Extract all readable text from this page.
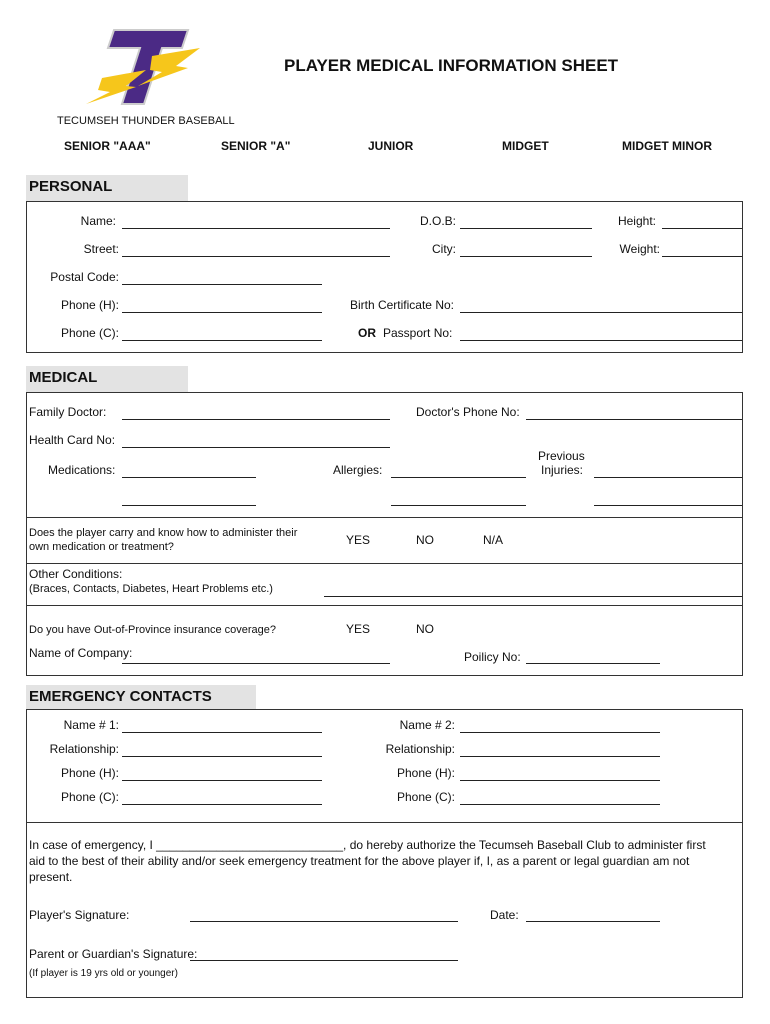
PLAYER MEDICAL INFORMATION SHEET
TECUMSEH THUNDER BASEBALL
SENIOR "AAA"	SENIOR "A"	JUNIOR	MIDGET	MIDGET MINOR
PERSONAL
Name:	D.O.B:	Height:
Street:	City:	Weight:
Postal Code:
Phone (H):	Birth Certificate No:
Phone (C):	OR Passport No:
MEDICAL
Family Doctor:	Doctor's Phone No:
Health Card No:
Medications:	Allergies:
Previous
Injuries:
Does the player carry and know how to administer their
own medication or treatment?	YES	NO	N/A
Other Conditions:
(Braces, Contacts, Diabetes, Heart Problems etc.)
Do you have Out-of-Province insurance coverage?	YES	NO
Name of Company:	Poilicy No:
EMERGENCY CONTACTS
Name # 1:	Name # 2:
Relationship:	Relationship:
Phone (H):	Phone (H):
Phone (C):	Phone (C):
In case of emergency, I ____________________________, do hereby authorize the Tecumseh Baseball Club to administer first
aid to the best of their ability and/or seek emergency treatment for the above player if, I, as a parent or legal guardian am not
present.
Player's Signature:	Date:
Parent or Guardian's Signature:
(If player is 19 yrs old or younger)
